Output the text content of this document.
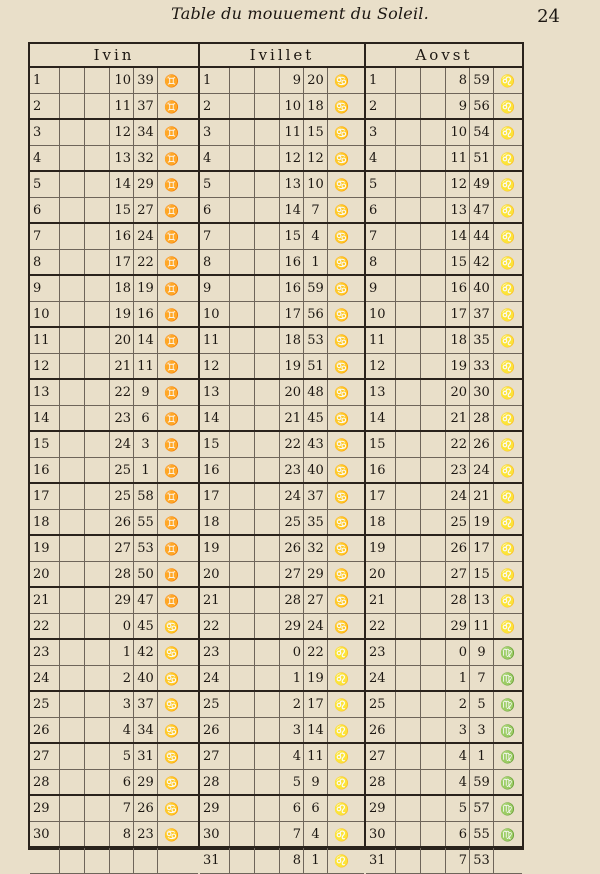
Table du mouuement du Soleil.	24
Ivin
1	10 39 ♊
2	11 37 ♊
3	12 34 ♊
4	13 32 ♊
5	14 29 ♊
6	15 27 ♊
7	16 24 ♊
8	17 22 ♊
9	18 19 ♊
10	19 16 ♊
11	20 14 ♊
12	21 11 ♊
13	22 9	♊
14	23 6	♊
15	24 3	♊
16	25 1	♊
17	25 58 ♊
18	26 55 ♊
19	27 53 ♊
20	28 50 ♊
21	29 47 ♊
22	0 45 ♋
23	1 42 ♋
24	2 40 ♋
25	3 37 ♋
26	4 34 ♋
27	5 31 ♋
28	6 29 ♋
29	7 26 ♋
30	8 23 ♋
Ivillet
1	9 20 ♋
2	10 18 ♋
3	11 15 ♋
4	12 12 ♋
5	13 10 ♋
6	14 7	♋
7	15 4	♋
8	16 1	♋
9	16 59 ♋
10	17 56 ♋
11	18 53 ♋
12	19 51 ♋
13	20 48 ♋
14	21 45 ♋
15	22 43 ♋
16	23 40 ♋
17	24 37 ♋
18	25 35 ♋
19	26 32 ♋
20	27 29 ♋
21	28 27 ♋
22	29 24 ♋
23	0 22 ♌
24	1 19 ♌
25	2 17 ♌
26	3 14 ♌
27	4 11 ♌
28	5 9	♌
29	6 6	♌
30	7 4	♌
31	8 1	♌
Aovst
1	8 59 ♌
2	9 56 ♌
3	10 54 ♌
4	11 51 ♌
5	12 49 ♌
6	13 47 ♌
7	14 44 ♌
8	15 42 ♌
9	16 40 ♌
10	17 37 ♌
11	18 35 ♌
12	19 33 ♌
13	20 30 ♌
14	21 28 ♌
15	22 26 ♌
16	23 24 ♌
17	24 21 ♌
18	25 19 ♌
19	26 17 ♌
20	27 15 ♌
21	28 13 ♌
22	29 11 ♌
23	0 9	♍
24	1 7	♍
25	2 5	♍
26	3 3	♍
27	4 1	♍
28	4 59 ♍
29	5 57 ♍
30	6 55 ♍
31	7 53
